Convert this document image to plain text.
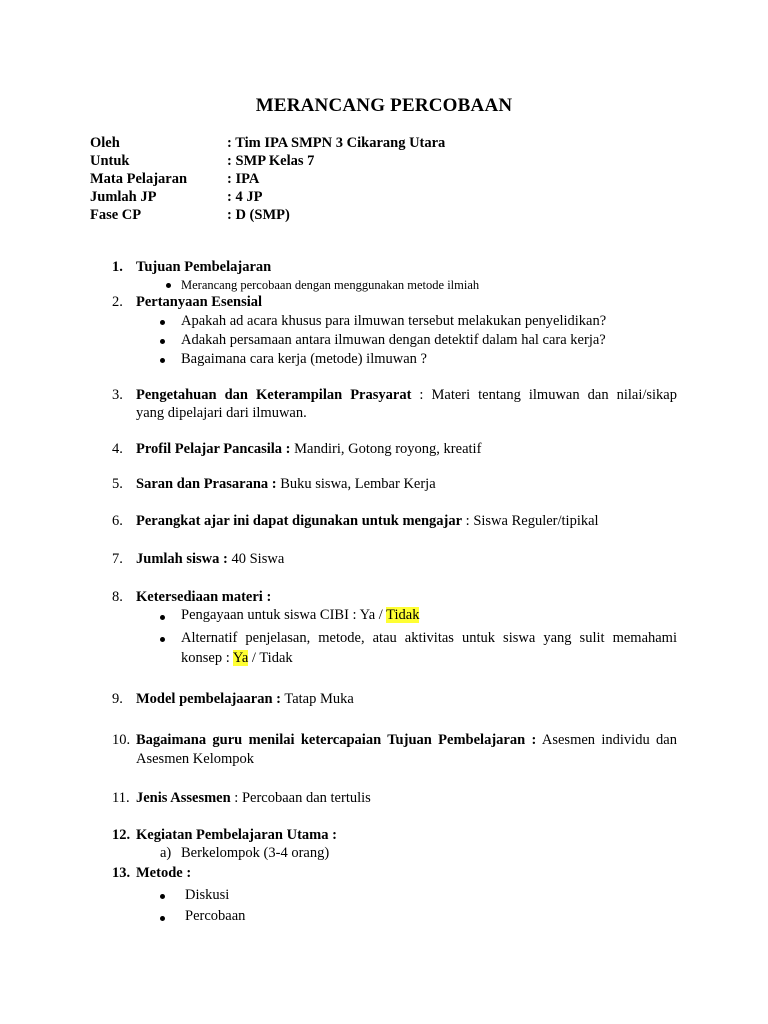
MERANCANG PERCOBAAN
Oleh	: Tim IPA SMPN 3 Cikarang Utara
Untuk	: SMP Kelas 7
Mata Pelajaran	: IPA
Jumlah JP	: 4 JP
Fase CP	: D (SMP)
1. Tujuan Pembelajaran
Merancang percobaan dengan menggunakan metode ilmiah
2. Pertanyaan Esensial
Apakah ad acara khusus para ilmuwan tersebut melakukan penyelidikan?
Adakah persamaan antara ilmuwan dengan detektif dalam hal cara kerja?
Bagaimana cara kerja (metode) ilmuwan ?
3. Pengetahuan dan Keterampilan Prasyarat : Materi tentang ilmuwan dan nilai/sikap
yang dipelajari dari ilmuwan.
4. Profil Pelajar Pancasila : Mandiri, Gotong royong, kreatif
5. Saran dan Prasarana : Buku siswa, Lembar Kerja
6. Perangkat ajar ini dapat digunakan untuk mengajar : Siswa Reguler/tipikal
7. Jumlah siswa : 40 Siswa
8. Ketersediaan materi :
Pengayaan untuk siswa CIBI : Ya / Tidak
Alternatif penjelasan, metode, atau aktivitas untuk siswa yang sulit memahami
konsep : Ya / Tidak
9. Model pembelajaaran : Tatap Muka
10. Bagaimana guru menilai ketercapaian Tujuan Pembelajaran : Asesmen individu dan
Asesmen Kelompok
11. Jenis Assesmen : Percobaan dan tertulis
12. Kegiatan Pembelajaran Utama :
a) Berkelompok (3-4 orang)
13. Metode :
Diskusi
Percobaan
